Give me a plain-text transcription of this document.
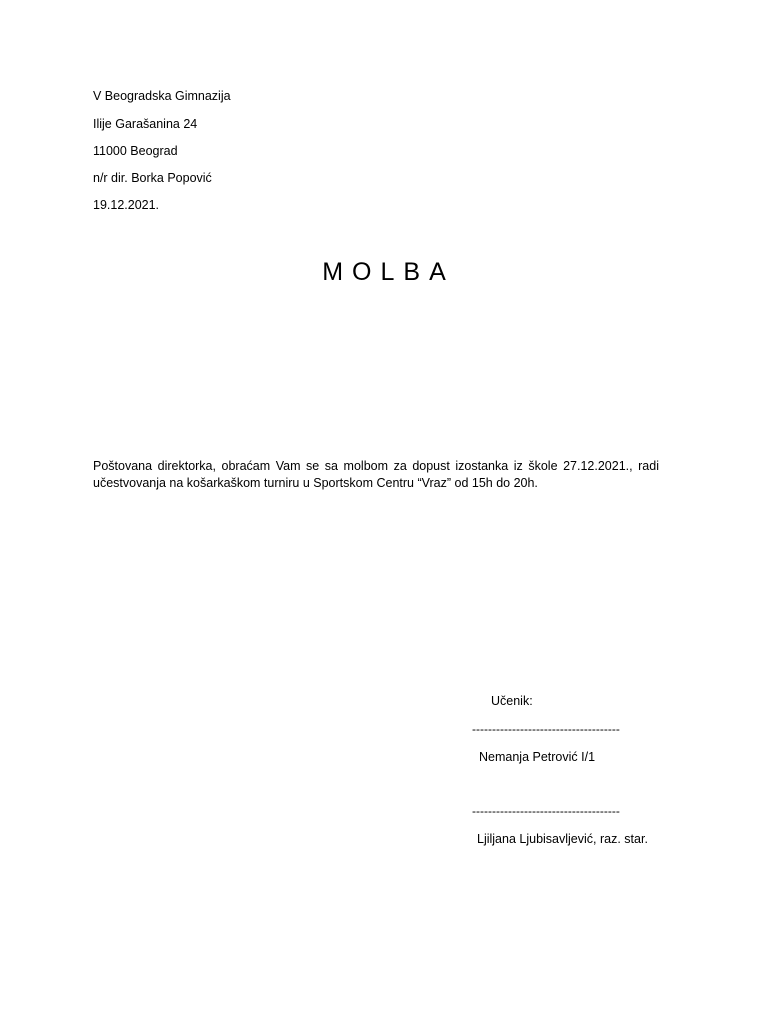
V Beogradska Gimnazija
Ilije Garašanina 24
11000 Beograd
n/r dir. Borka Popović
19.12.2021.
MOLBA
Poštovana direktorka, obraćam Vam se sa molbom za dopust izostanka iz škole 27.12.2021., radi učestvovanja na košarkaškom turniru u Sportskom Centru “Vraz” od 15h do 20h.
Učenik:
-------------------------------------
Nemanja Petrović I/1
-------------------------------------
Ljiljana Ljubisavljević, raz. star.
